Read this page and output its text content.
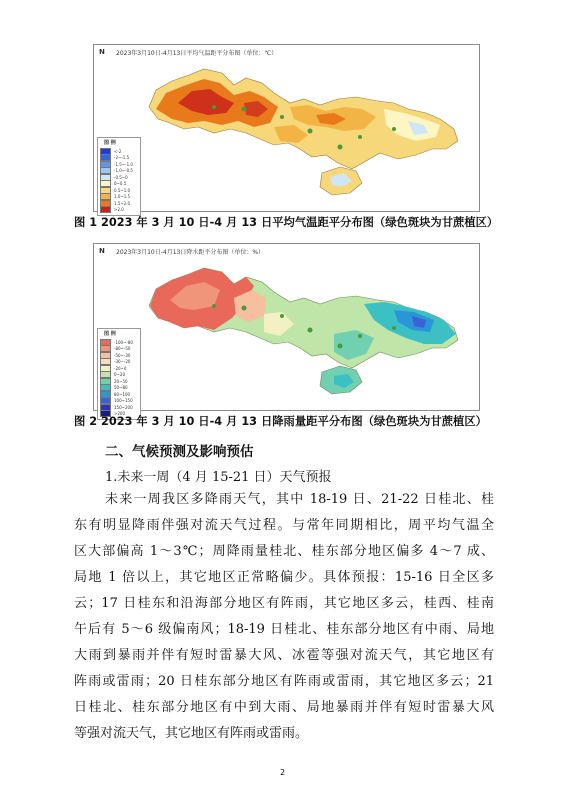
N 2023年3月10日-4月13日平均气温距平分布图（单位：℃）
图 例
<-2
-2~-1.5
-1.5~-1.0
-1.0~-0.5
-0.5~0
0~0.5
0.5~1.0
1.0~1.5
1.5~2.0
>2.0
图 1 2023 年 3 月 10 日-4 月 13 日平均气温距平分布图（绿色斑块为甘蔗植区）
N 2023年3月10日-4月13日降水距平分布图（单位：%）
图 例
-100~-80
-80~-50
-50~-30
-30~-20
-20~0
0~20
20~50
50~80
80~100
100~150
150~200
>200
图 2 2023 年 3 月 10 日-4 月 13 日降雨量距平分布图（绿色斑块为甘蔗植区）
二、气候预测及影响预估
1.未来一周（4 月 15-21 日）天气预报
未来一周我区多降雨天气，其中 18-19 日、21-22 日桂北、桂
东有明显降雨伴强对流天气过程。与常年同期相比，周平均气温全
区大部偏高 1～3℃；周降雨量桂北、桂东部分地区偏多 4～7 成、
局地 1 倍以上，其它地区正常略偏少。具体预报：15-16 日全区多
云；17 日桂东和沿海部分地区有阵雨，其它地区多云，桂西、桂南
午后有 5～6 级偏南风；18-19 日桂北、桂东部分地区有中雨、局地
大雨到暴雨并伴有短时雷暴大风、冰雹等强对流天气，其它地区有
阵雨或雷雨；20 日桂东部分地区有阵雨或雷雨，其它地区多云；21
日桂北、桂东部分地区有中到大雨、局地暴雨并伴有短时雷暴大风
等强对流天气，其它地区有阵雨或雷雨。
2
